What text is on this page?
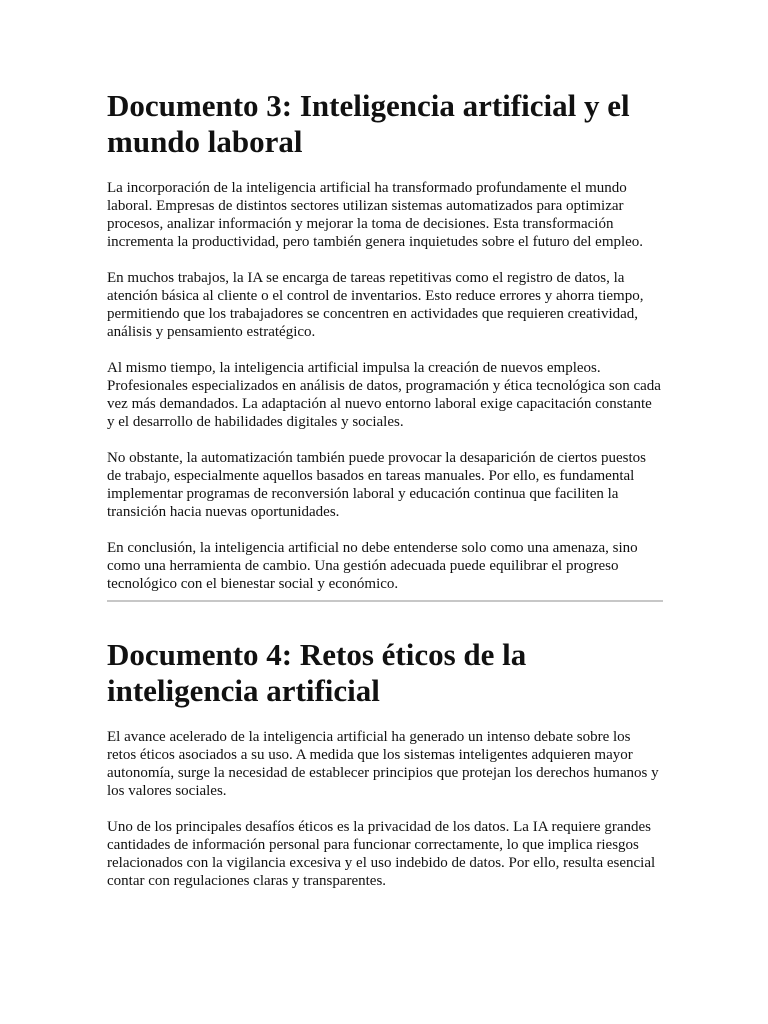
Documento 3: Inteligencia artificial y el mundo laboral

La incorporación de la inteligencia artificial ha transformado profundamente el mundo laboral. Empresas de distintos sectores utilizan sistemas automatizados para optimizar procesos, analizar información y mejorar la toma de decisiones. Esta transformación incrementa la productividad, pero también genera inquietudes sobre el futuro del empleo.

En muchos trabajos, la IA se encarga de tareas repetitivas como el registro de datos, la atención básica al cliente o el control de inventarios. Esto reduce errores y ahorra tiempo, permitiendo que los trabajadores se concentren en actividades que requieren creatividad, análisis y pensamiento estratégico.

Al mismo tiempo, la inteligencia artificial impulsa la creación de nuevos empleos. Profesionales especializados en análisis de datos, programación y ética tecnológica son cada vez más demandados. La adaptación al nuevo entorno laboral exige capacitación constante y el desarrollo de habilidades digitales y sociales.

No obstante, la automatización también puede provocar la desaparición de ciertos puestos de trabajo, especialmente aquellos basados en tareas manuales. Por ello, es fundamental implementar programas de reconversión laboral y educación continua que faciliten la transición hacia nuevas oportunidades.

En conclusión, la inteligencia artificial no debe entenderse solo como una amenaza, sino como una herramienta de cambio. Una gestión adecuada puede equilibrar el progreso tecnológico con el bienestar social y económico.

Documento 4: Retos éticos de la inteligencia artificial

El avance acelerado de la inteligencia artificial ha generado un intenso debate sobre los retos éticos asociados a su uso. A medida que los sistemas inteligentes adquieren mayor autonomía, surge la necesidad de establecer principios que protejan los derechos humanos y los valores sociales.

Uno de los principales desafíos éticos es la privacidad de los datos. La IA requiere grandes cantidades de información personal para funcionar correctamente, lo que implica riesgos relacionados con la vigilancia excesiva y el uso indebido de datos. Por ello, resulta esencial contar con regulaciones claras y transparentes.
